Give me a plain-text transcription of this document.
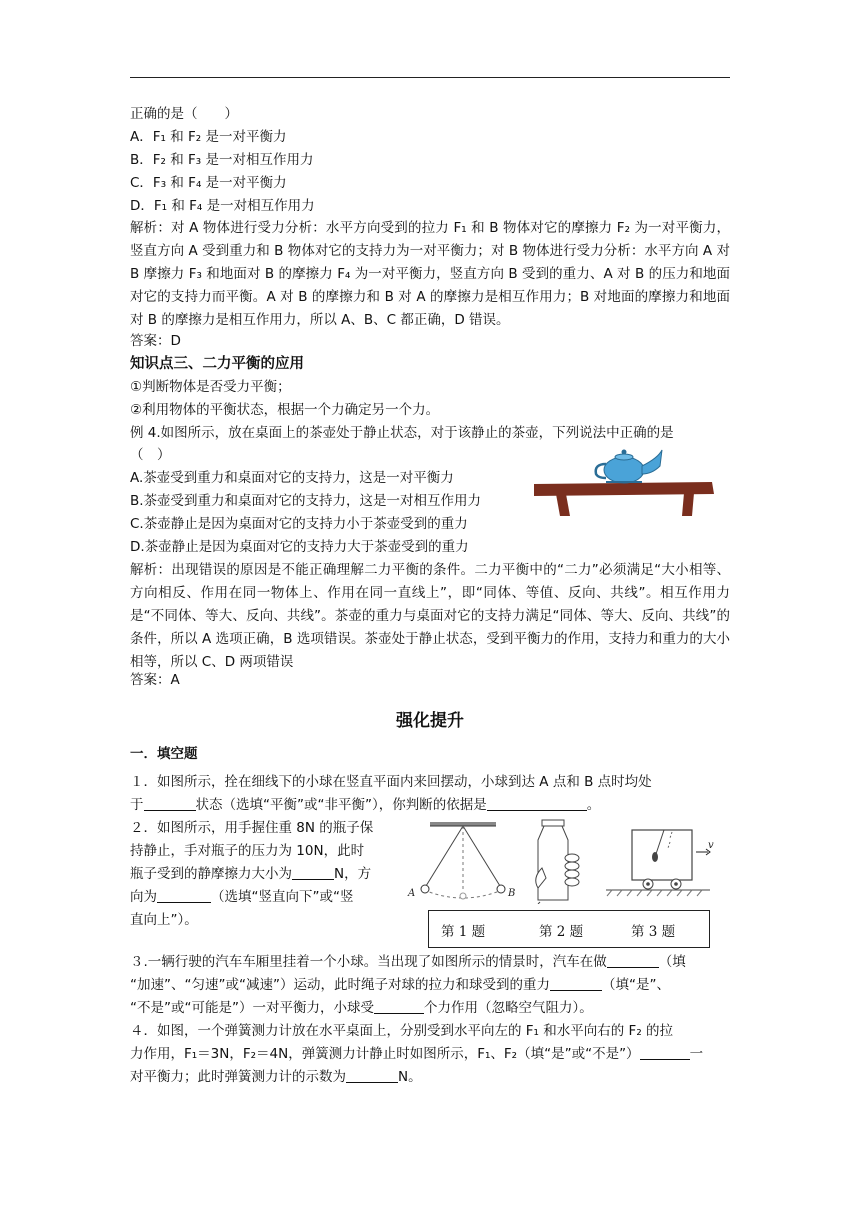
正确的是（　　）
A．F₁ 和 F₂ 是一对平衡力
B．F₂ 和 F₃ 是一对相互作用力
C．F₃ 和 F₄ 是一对平衡力
D．F₁ 和 F₄ 是一对相互作用力
解析：对 A 物体进行受力分析：水平方向受到的拉力 F₁ 和 B 物体对它的摩擦力 F₂ 为一对平衡力，竖直方向 A 受到重力和 B 物体对它的支持力为一对平衡力；对 B 物体进行受力分析：水平方向 A 对 B 摩擦力 F₃ 和地面对 B 的摩擦力 F₄ 为一对平衡力，竖直方向 B 受到的重力、A 对 B 的压力和地面对它的支持力而平衡。A 对 B 的摩擦力和 B 对 A 的摩擦力是相互作用力；B 对地面的摩擦力和地面对 B 的摩擦力是相互作用力，所以 A、B、C 都正确，D 错误。
答案：D
知识点三、二力平衡的应用
①判断物体是否受力平衡；
②利用物体的平衡状态，根据一个力确定另一个力。
例 4.如图所示，放在桌面上的茶壶处于静止状态，对于该静止的茶壶，下列说法中正确的是
（　）
A.茶壶受到重力和桌面对它的支持力，这是一对平衡力
B.茶壶受到重力和桌面对它的支持力，这是一对相互作用力
C.茶壶静止是因为桌面对它的支持力小于茶壶受到的重力
D.茶壶静止是因为桌面对它的支持力大于茶壶受到的重力
解析：出现错误的原因是不能正确理解二力平衡的条件。二力平衡中的“二力”必须满足“大小相等、方向相反、作用在同一物体上、作用在同一直线上”，即“同体、等值、反向、共线”。相互作用力是“不同体、等大、反向、共线”。茶壶的重力与桌面对它的支持力满足“同体、等大、反向、共线”的条件，所以 A 选项正确，B 选项错误。茶壶处于静止状态，受到平衡力的作用，支持力和重力的大小相等，所以 C、D 两项错误
答案：A
强化提升
一．填空题
１．如图所示，拴在细线下的小球在竖直平面内来回摆动，小球到达 A 点和 B 点时均处
于	状态（选填“平衡”或“非平衡”），你判断的依据是	。
２．如图所示，用手握住重 8N 的瓶子保
持静止，手对瓶子的压力为 10N，此时
瓶子受到的静摩擦力大小为	N，方
向为	（选填“竖直向下”或“竖
直向上”）。
A	B
v
第 1 题	第 2 题	第 3 题
３.一辆行驶的汽车车厢里挂着一个小球。当出现了如图所示的情景时，汽车在做	（填
“加速”、“匀速”或“减速”）运动，此时绳子对球的拉力和球受到的重力	（填“是”、
“不是”或“可能是”）一对平衡力，小球受	个力作用（忽略空气阻力）。
４．如图，一个弹簧测力计放在水平桌面上，分别受到水平向左的 F₁ 和水平向右的 F₂ 的拉
力作用，F₁＝3N，F₂＝4N，弹簧测力计静止时如图所示，F₁、F₂（填“是”或“不是”）	一
对平衡力；此时弹簧测力计的示数为	N。
